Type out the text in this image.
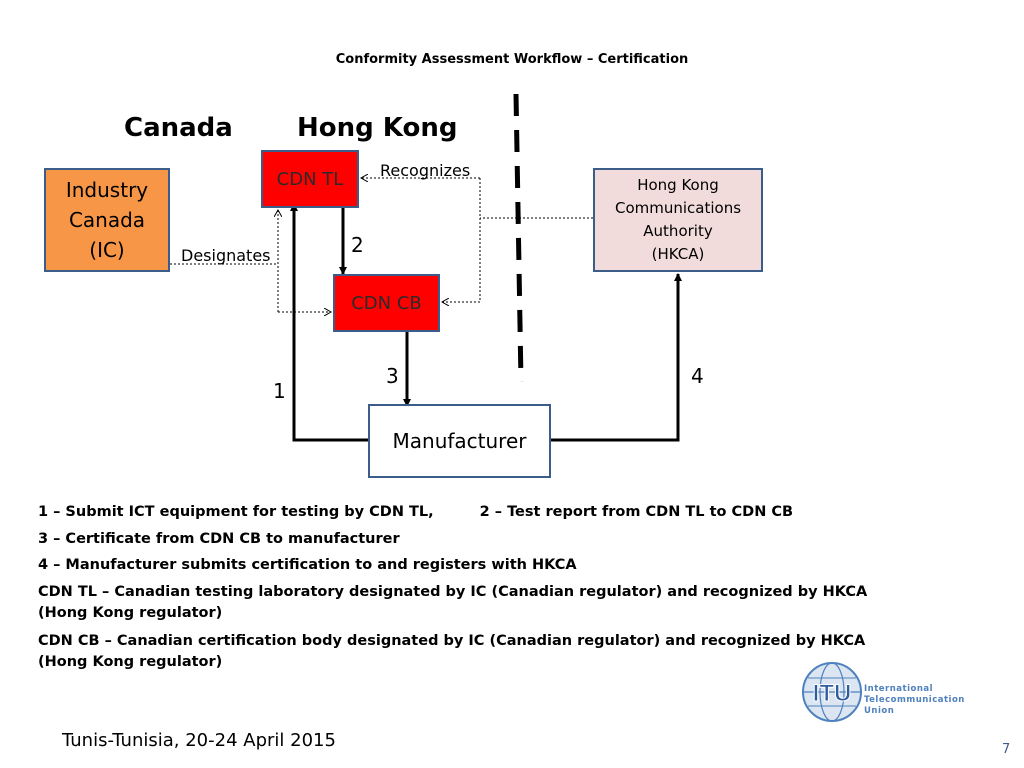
Conformity Assessment Workflow – Certification
Canada Hong Kong
CDN TL
CDN CB
Industry
Canada
(IC)
Hong Kong
Communications
Authority
(HKCA)
Manufacturer
Recognizes
Designates
1
2
3	4
1 – Submit ICT equipment for testing by CDN TL,	2 – Test report from CDN TL to CDN CB
3 – Certificate from CDN CB to manufacturer
4 – Manufacturer submits certification to and registers with HKCA
CDN TL – Canadian testing laboratory designated by IC (Canadian regulator) and recognized by HKCA (Hong Kong regulator)
CDN CB – Canadian certification body designated by IC (Canadian regulator) and recognized by HKCA (Hong Kong regulator)
ITU International
Telecommunication
Union
Tunis-Tunisia, 20-24 April 2015	7
